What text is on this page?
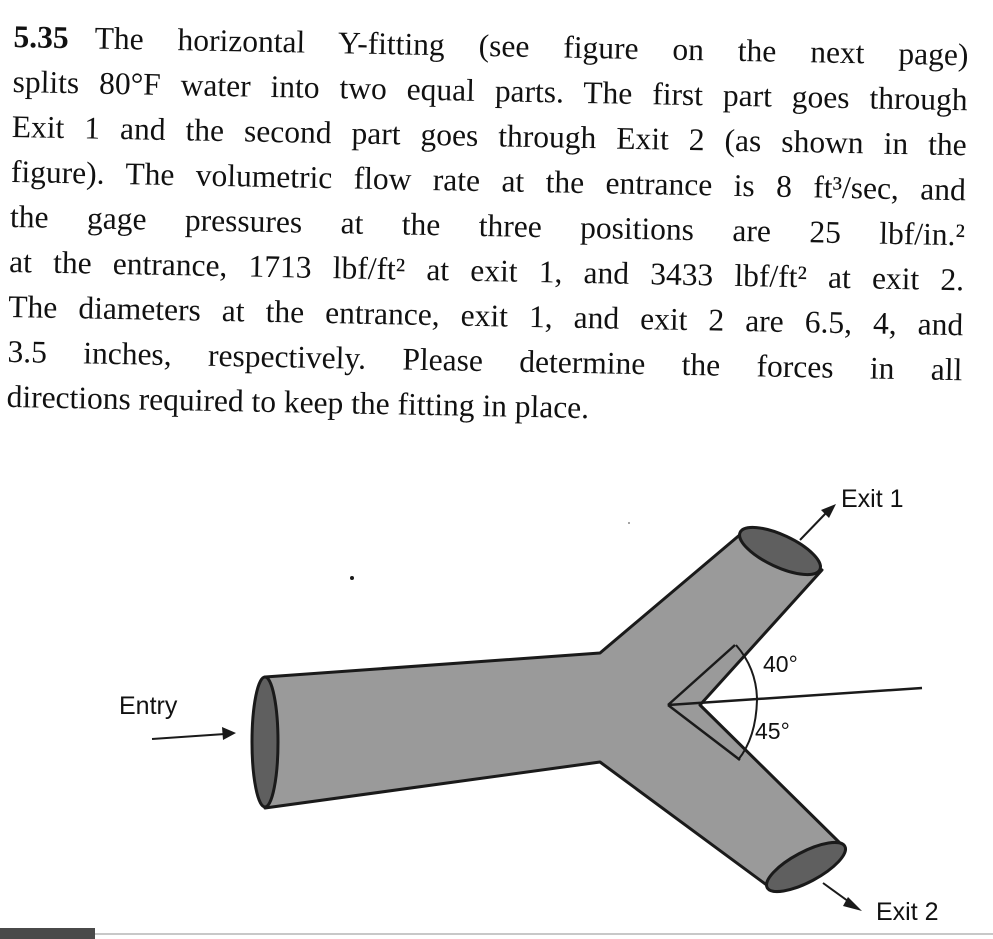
5.35 The horizontal Y-fitting (see figure on the next page)
splits 80°F water into two equal parts. The first part goes through
Exit 1 and the second part goes through Exit 2 (as shown in the
figure). The volumetric flow rate at the entrance is 8 ft³/sec, and
the gage pressures at the three positions are 25 lbf/in.²
at the entrance, 1713 lbf/ft² at exit 1, and 3433 lbf/ft² at exit 2.
The diameters at the entrance, exit 1, and exit 2 are 6.5, 4, and
3.5 inches, respectively. Please determine the forces in all
directions required to keep the fitting in place.
40°
45°
Entry
Exit 1
Exit 2
